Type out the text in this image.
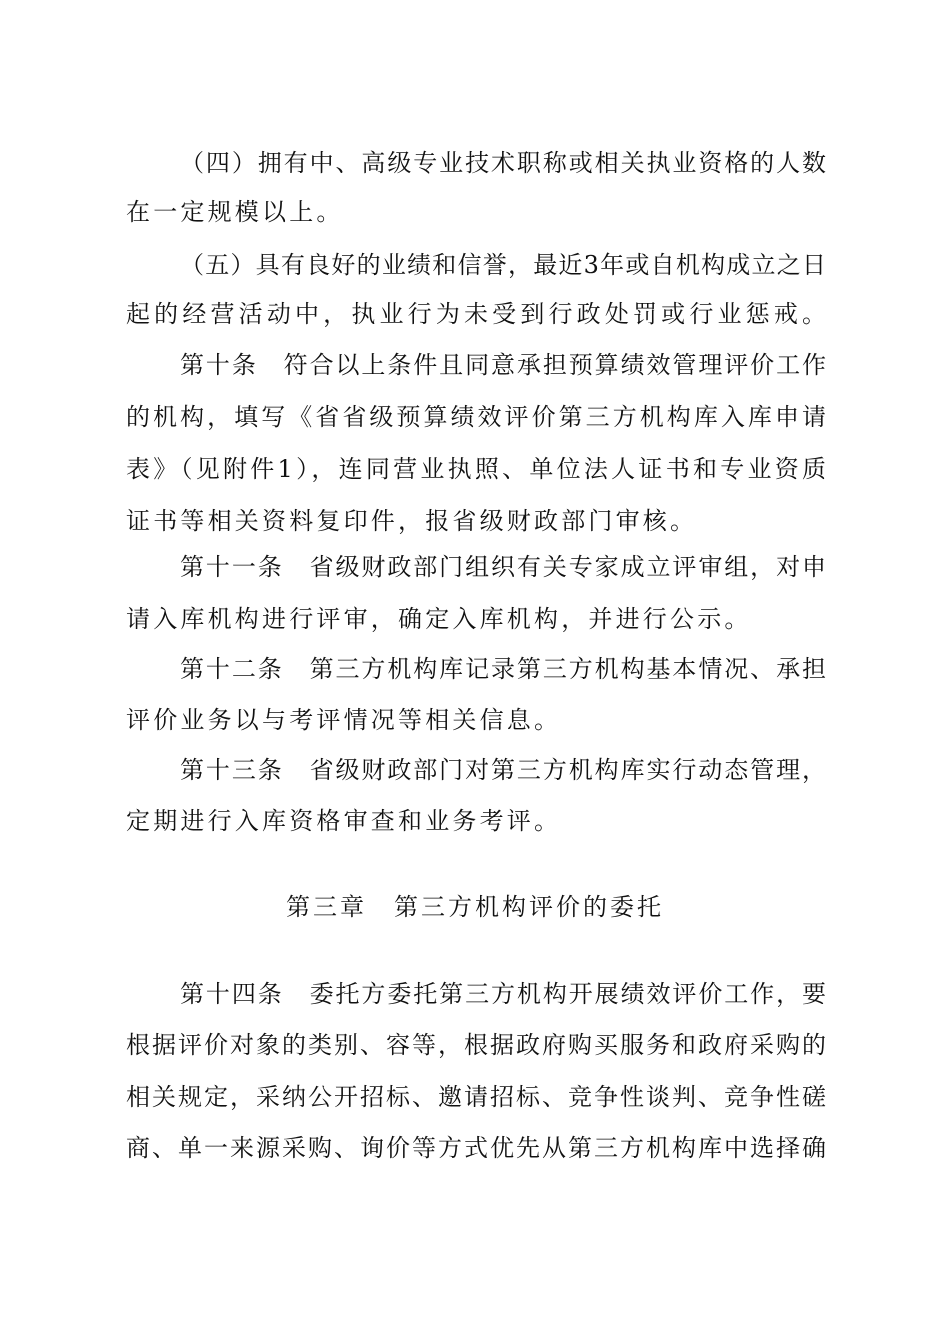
（四）拥有中、高级专业技术职称或相关执业资格的人数
在一定规模以上。
（五）具有良好的业绩和信誉，最近3年或自机构成立之日
起的经营活动中，执业行为未受到行政处罚或行业惩戒。
第十条　符合以上条件且同意承担预算绩效管理评价工作
的机构，填写《省省级预算绩效评价第三方机构库入库申请
表》（见附件1），连同营业执照、单位法人证书和专业资质
证书等相关资料复印件，报省级财政部门审核。
第十一条　省级财政部门组织有关专家成立评审组，对申
请入库机构进行评审，确定入库机构，并进行公示。
第十二条　第三方机构库记录第三方机构基本情况、承担
评价业务以与考评情况等相关信息。
第十三条　省级财政部门对第三方机构库实行动态管理，
定期进行入库资格审查和业务考评。
第三章　第三方机构评价的委托
第十四条　委托方委托第三方机构开展绩效评价工作，要
根据评价对象的类别、容等，根据政府购买服务和政府采购的
相关规定，采纳公开招标、邀请招标、竞争性谈判、竞争性磋
商、单一来源采购、询价等方式优先从第三方机构库中选择确
